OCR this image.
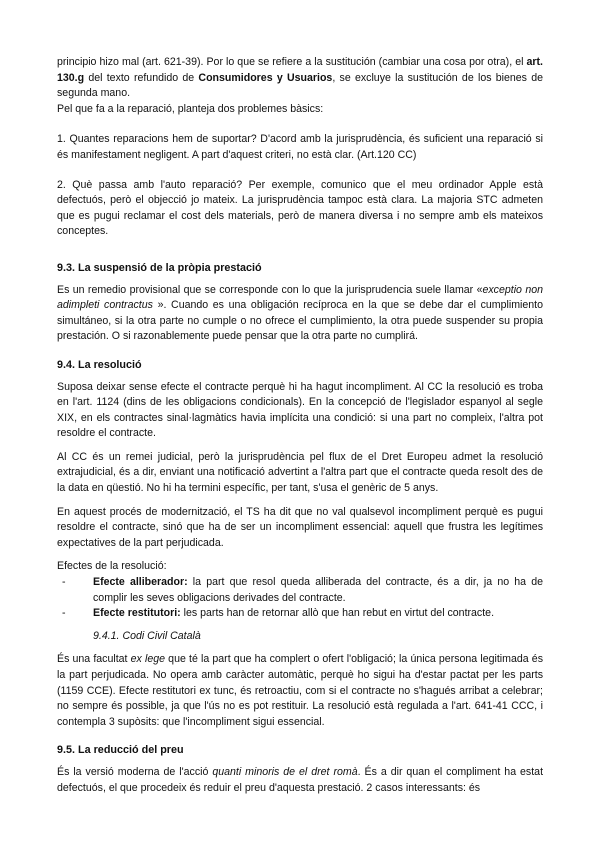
principio hizo mal (art. 621-39). Por lo que se refiere a la sustitución (cambiar una cosa por otra), el art. 130.g del texto refundido de Consumidores y Usuarios, se excluye la sustitución de los bienes de segunda mano.

Pel que fa a la reparació, planteja dos problemes bàsics:

1. Quantes reparacions hem de suportar? D'acord amb la jurisprudència, és suficient una reparació si és manifestament negligent. A part d'aquest criteri, no està clar. (Art.120 CC)

2. Què passa amb l'auto reparació? Per exemple, comunico que el meu ordinador Apple està defectuós, però el objecció jo mateix. La jurisprudència tampoc està clara. La majoria STC admeten que es pugui reclamar el cost dels materials, però de manera diversa i no sempre amb els mateixos conceptes.

9.3. La suspensió de la pròpia prestació

Es un remedio provisional que se corresponde con lo que la jurisprudencia suele llamar «exceptio non adimpleti contractus ». Cuando es una obligación recíproca en la que se debe dar el cumplimiento simultáneo, si la otra parte no cumple o no ofrece el cumplimiento, la otra puede suspender su propia prestación. O si razonablemente puede pensar que la otra parte no cumplirá.

9.4. La resolució

Suposa deixar sense efecte el contracte perquè hi ha hagut incompliment. Al CC la resolució es troba en l'art. 1124 (dins de les obligacions condicionals). En la concepció de l'legislador espanyol al segle XIX, en els contractes sinal·lagmàtics havia implícita una condició: si una part no compleix, l'altra pot resoldre el contracte.

Al CC és un remei judicial, però la jurisprudència pel flux de el Dret Europeu admet la resolució extrajudicial, és a dir, enviant una notificació advertint a l'altra part que el contracte queda resolt des de la data en qüestió. No hi ha termini específic, per tant, s'usa el genèric de 5 anys.

En aquest procés de modernització, el TS ha dit que no val qualsevol incompliment perquè es pugui resoldre el contracte, sinó que ha de ser un incompliment essencial: aquell que frustra les legítimes expectatives de la part perjudicada.

Efectes de la resolució:

-	Efecte alliberador: la part que resol queda alliberada del contracte, és a dir, ja no ha de complir les seves obligacions derivades del contracte.
-	Efecte restitutori: les parts han de retornar allò que han rebut en virtut del contracte.

9.4.1. Codi Civil Català

És una facultat ex lege que té la part que ha complert o ofert l'obligació; la única persona legitimada és la part perjudicada. No opera amb caràcter automàtic, perquè ho sigui ha d'estar pactat per les parts (1159 CCE). Efecte restitutori ex tunc, és retroactiu, com si el contracte no s'hagués arribat a celebrar; no sempre és possible, ja que l'ús no es pot restituir. La resolució està regulada a l'art. 641-41 CCC, i contempla 3 supòsits: que l'incompliment sigui essencial.

9.5. La reducció del preu

És la versió moderna de l'acció quanti minoris de el dret romà. És a dir quan el compliment ha estat defectuós, el que procedeix és reduir el preu d'aquesta prestació. 2 casos interessants: és
